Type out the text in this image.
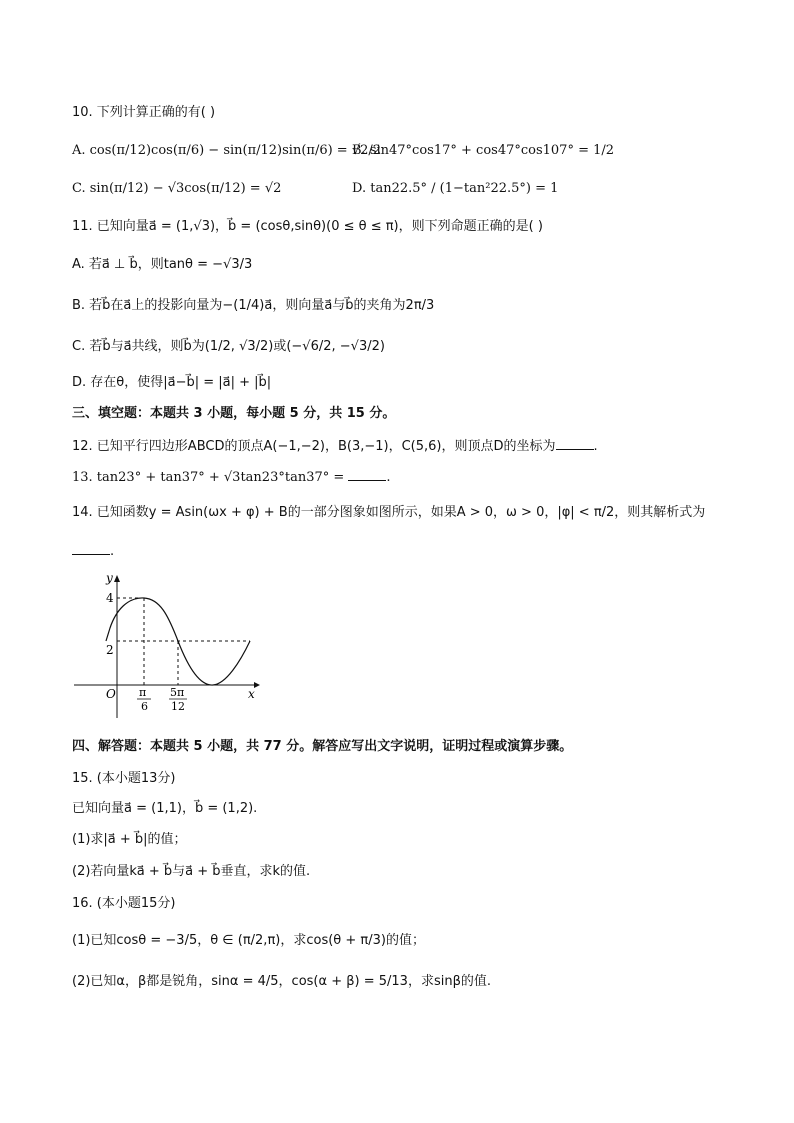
10. 下列计算正确的有( )
A. cos(π/12)cos(π/6) − sin(π/12)sin(π/6) = √2/2
B. sin47°cos17° + cos47°cos107° = 1/2
C. sin(π/12) − √3cos(π/12) = √2	D. tan22.5° / (1−tan²22.5°) = 1
11. 已知向量a⃗ = (1,√3)，b⃗ = (cosθ,sinθ)(0 ≤ θ ≤ π)，则下列命题正确的是( )
A. 若a⃗ ⊥ b⃗，则tanθ = −√3/3
B. 若b⃗在a⃗上的投影向量为−(1/4)a⃗，则向量a⃗与b⃗的夹角为2π/3
C. 若b⃗与a⃗共线，则b⃗为(1/2, √3/2)或(−√6/2, −√3/2)
D. 存在θ，使得|a⃗−b⃗| = |a⃗| + |b⃗|
三、填空题：本题共 3 小题，每小题 5 分，共 15 分。
12. 已知平行四边形ABCD的顶点A(−1,−2)，B(3,−1)，C(5,6)，则顶点D的坐标为	.
13. tan23° + tan37° + √3tan23°tan37° =	.
14. 已知函数y = Asin(ωx + φ) + B的一部分图象如图所示，如果A > 0，ω > 0，|φ| < π/2，则其解析式为
.
y
x
O
4
2
π
6
5π
12
四、解答题：本题共 5 小题，共 77 分。解答应写出文字说明，证明过程或演算步骤。
15. (本小题13分)
已知向量a⃗ = (1,1)，b⃗ = (1,2).
(1)求|a⃗ + b⃗|的值；
(2)若向量ka⃗ + b⃗与a⃗ + b⃗垂直，求k的值.
16. (本小题15分)
(1)已知cosθ = −3/5，θ ∈ (π/2,π)，求cos(θ + π/3)的值；
(2)已知α，β都是锐角，sinα = 4/5，cos(α + β) = 5/13，求sinβ的值.
